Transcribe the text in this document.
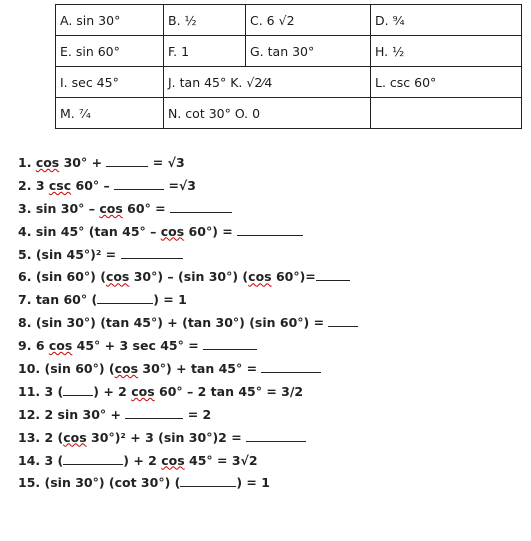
A. sin 30°	B. ½	C. 6 √2	D. ⁹⁄₄
E. sin 60°	F. 1	G. tan 30°	H. ½
I. sec 45°	J. tan 45° K. √2⁄4		L. csc 60°
M. ⁷⁄₄	N. cot 30° O. 0		
1. cos 30° +	= √3
2. 3 csc 60° –	=√3
3. sin 30° – cos 60° =
4. sin 45° (tan 45° – cos 60°) =
5. (sin 45°)² =
6. (sin 60°) (cos 30°) – (sin 30°) (cos 60°)=
7. tan 60° (	) = 1
8. (sin 30°) (tan 45°) + (tan 30°) (sin 60°) =
9. 6 cos 45° + 3 sec 45° =
10. (sin 60°) (cos 30°) + tan 45° =
11. 3 ( ) + 2 cos 60° – 2 tan 45° = 3/2
12. 2 sin 30° +	= 2
13. 2 (cos 30°)² + 3 (sin 30°)2 =
14. 3 (	) + 2 cos 45° = 3√2
15. (sin 30°) (cot 30°) (	) = 1
